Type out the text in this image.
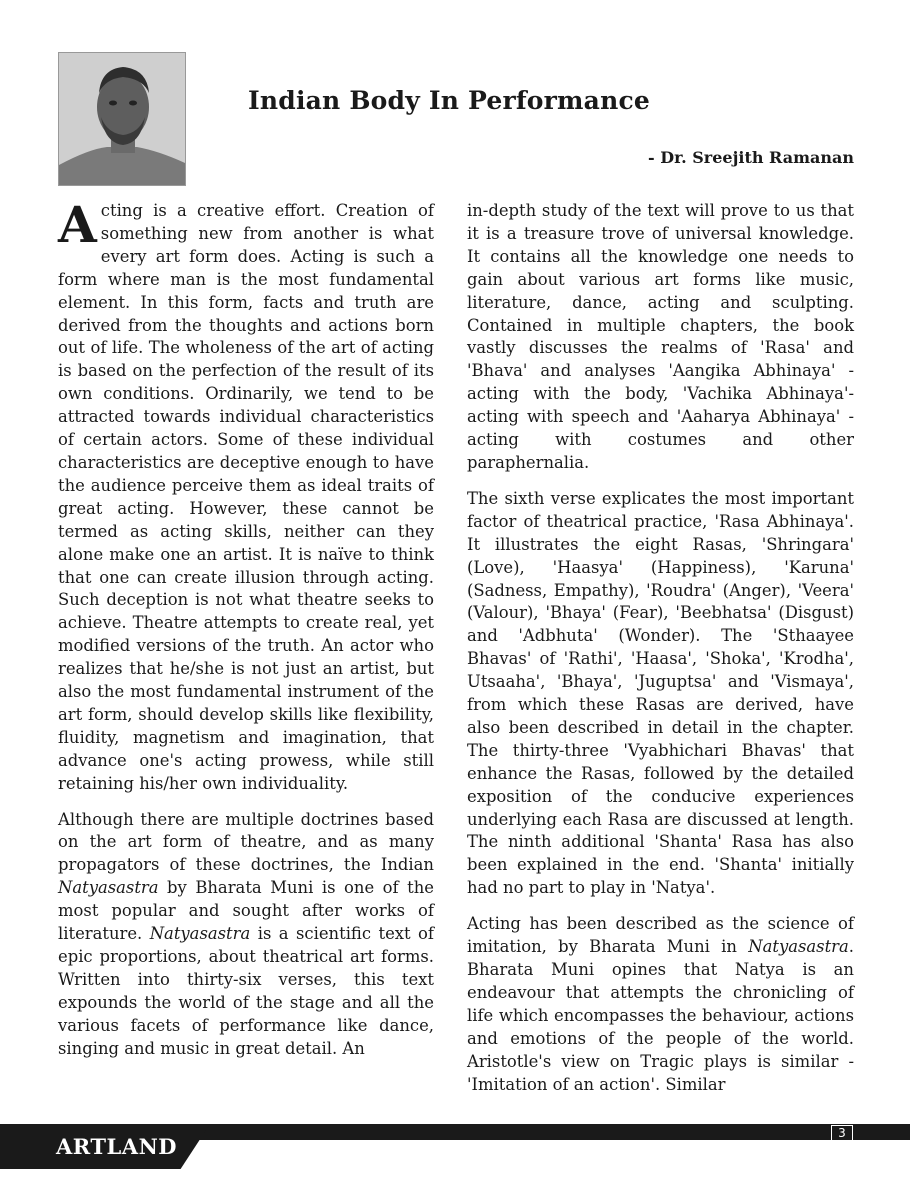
Indian Body In Performance

- Dr. Sreejith Ramanan

Acting is a creative effort. Creation of something new from another is what every art form does. Acting is such a form where man is the most fundamental element. In this form, facts and truth are derived from the thoughts and actions born out of life. The wholeness of the art of acting is based on the perfection of the result of its own conditions. Ordinarily, we tend to be attracted towards individual characteristics of certain actors. Some of these individual characteristics are deceptive enough to have the audience perceive them as ideal traits of great acting. However, these cannot be termed as acting skills, neither can they alone make one an artist. It is naïve to think that one can create illusion through acting. Such deception is not what theatre seeks to achieve. Theatre attempts to create real, yet modified versions of the truth. An actor who realizes that he/she is not just an artist, but also the most fundamental instrument of the art form, should develop skills like flexibility, fluidity, magnetism and imagination, that advance one's acting prowess, while still retaining his/her own individuality.

Although there are multiple doctrines based on the art form of theatre, and as many propagators of these doctrines, the Indian Natyasastra by Bharata Muni is one of the most popular and sought after works of literature. Natyasastra is a scientific text of epic proportions, about theatrical art forms. Written into thirty-six verses, this text expounds the world of the stage and all the various facets of performance like dance, singing and music in great detail. An

in-depth study of the text will prove to us that it is a treasure trove of universal knowledge. It contains all the knowledge one needs to gain about various art forms like music, literature, dance, acting and sculpting. Contained in multiple chapters, the book vastly discusses the realms of 'Rasa' and 'Bhava' and analyses 'Aangika Abhinaya' -acting with the body, 'Vachika Abhinaya'-acting with speech and 'Aaharya Abhinaya' - acting with costumes and other paraphernalia.

The sixth verse explicates the most important factor of theatrical practice, 'Rasa Abhinaya'. It illustrates the eight Rasas, 'Shringara' (Love), 'Haasya' (Happiness), 'Karuna' (Sadness, Empathy), 'Roudra' (Anger), 'Veera' (Valour), 'Bhaya' (Fear), 'Beebhatsa' (Disgust) and 'Adbhuta' (Wonder). The 'Sthaayee Bhavas' of 'Rathi', 'Haasa', 'Shoka', 'Krodha', Utsaaha', 'Bhaya', 'Juguptsa' and 'Vismaya', from which these Rasas are derived, have also been described in detail in the chapter. The thirty-three 'Vyabhichari Bhavas' that enhance the Rasas, followed by the detailed exposition of the conducive experiences underlying each Rasa are discussed at length. The ninth additional 'Shanta' Rasa has also been explained in the end. 'Shanta' initially had no part to play in 'Natya'.

Acting has been described as the science of imitation, by Bharata Muni in Natyasastra. Bharata Muni opines that Natya is an endeavour that attempts the chronicling of life which encompasses the behaviour, actions and emotions of the people of the world. Aristotle's view on Tragic plays is similar - 'Imitation of an action'. Similar

ARTLAND
3
